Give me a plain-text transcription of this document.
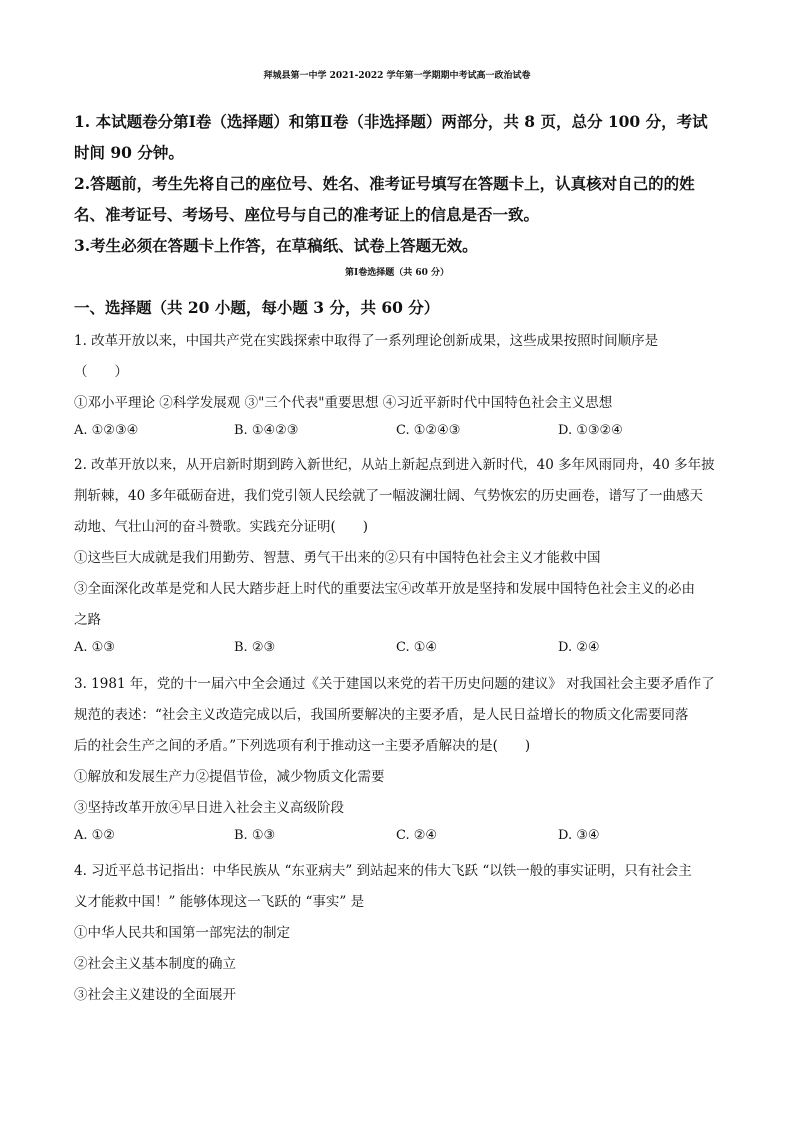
拜城县第一中学 2021-2022 学年第一学期期中考试高一政治试卷
1. 本试题卷分第Ⅰ卷（选择题）和第Ⅱ卷（非选择题）两部分，共 8 页，总分 100 分，考试
时间 90 分钟。
2.答题前，考生先将自己的座位号、姓名、准考证号填写在答题卡上，认真核对自己的的姓
名、准考证号、考场号、座位号与自己的准考证上的信息是否一致。
3.考生必须在答题卡上作答，在草稿纸、试卷上答题无效。
第Ⅰ卷选择题（共 60 分）
一、选择题（共 20 小题，每小题 3 分，共 60 分）
1. 改革开放以来，中国共产党在实践探索中取得了一系列理论创新成果，这些成果按照时间顺序是
（　　）
①邓小平理论 ②科学发展观 ③"三个代表"重要思想 ④习近平新时代中国特色社会主义思想
A. ①②③④	B. ①④②③	C. ①②④③	D. ①③②④
2. 改革开放以来，从开启新时期到跨入新世纪，从站上新起点到进入新时代，40 多年风雨同舟，40 多年披
荆斩棘，40 多年砥砺奋进，我们党引领人民绘就了一幅波澜壮阔、气势恢宏的历史画卷，谱写了一曲感天
动地、气壮山河的奋斗赞歌。实践充分证明(　　)
①这些巨大成就是我们用勤劳、智慧、勇气干出来的②只有中国特色社会主义才能救中国
③全面深化改革是党和人民大踏步赶上时代的重要法宝④改革开放是坚持和发展中国特色社会主义的必由
之路
A. ①③	B. ②③	C. ①④	D. ②④
3. 1981 年，党的十一届六中全会通过《关于建国以来党的若干历史问题的建议》 对我国社会主要矛盾作了
规范的表述：“社会主义改造完成以后，我国所要解决的主要矛盾，是人民日益增长的物质文化需要同落
后的社会生产之间的矛盾。”下列选项有利于推动这一主要矛盾解决的是(　　)
①解放和发展生产力②提倡节俭，减少物质文化需要
③坚持改革开放④早日进入社会主义高级阶段
A. ①②	B. ①③	C. ②④	D. ③④
4. 习近平总书记指出：中华民族从 “东亚病夫” 到站起来的伟大飞跃 “以铁一般的事实证明，只有社会主
义才能救中国！” 能够体现这一飞跃的 “事实” 是
①中华人民共和国第一部宪法的制定
②社会主义基本制度的确立
③社会主义建设的全面展开
